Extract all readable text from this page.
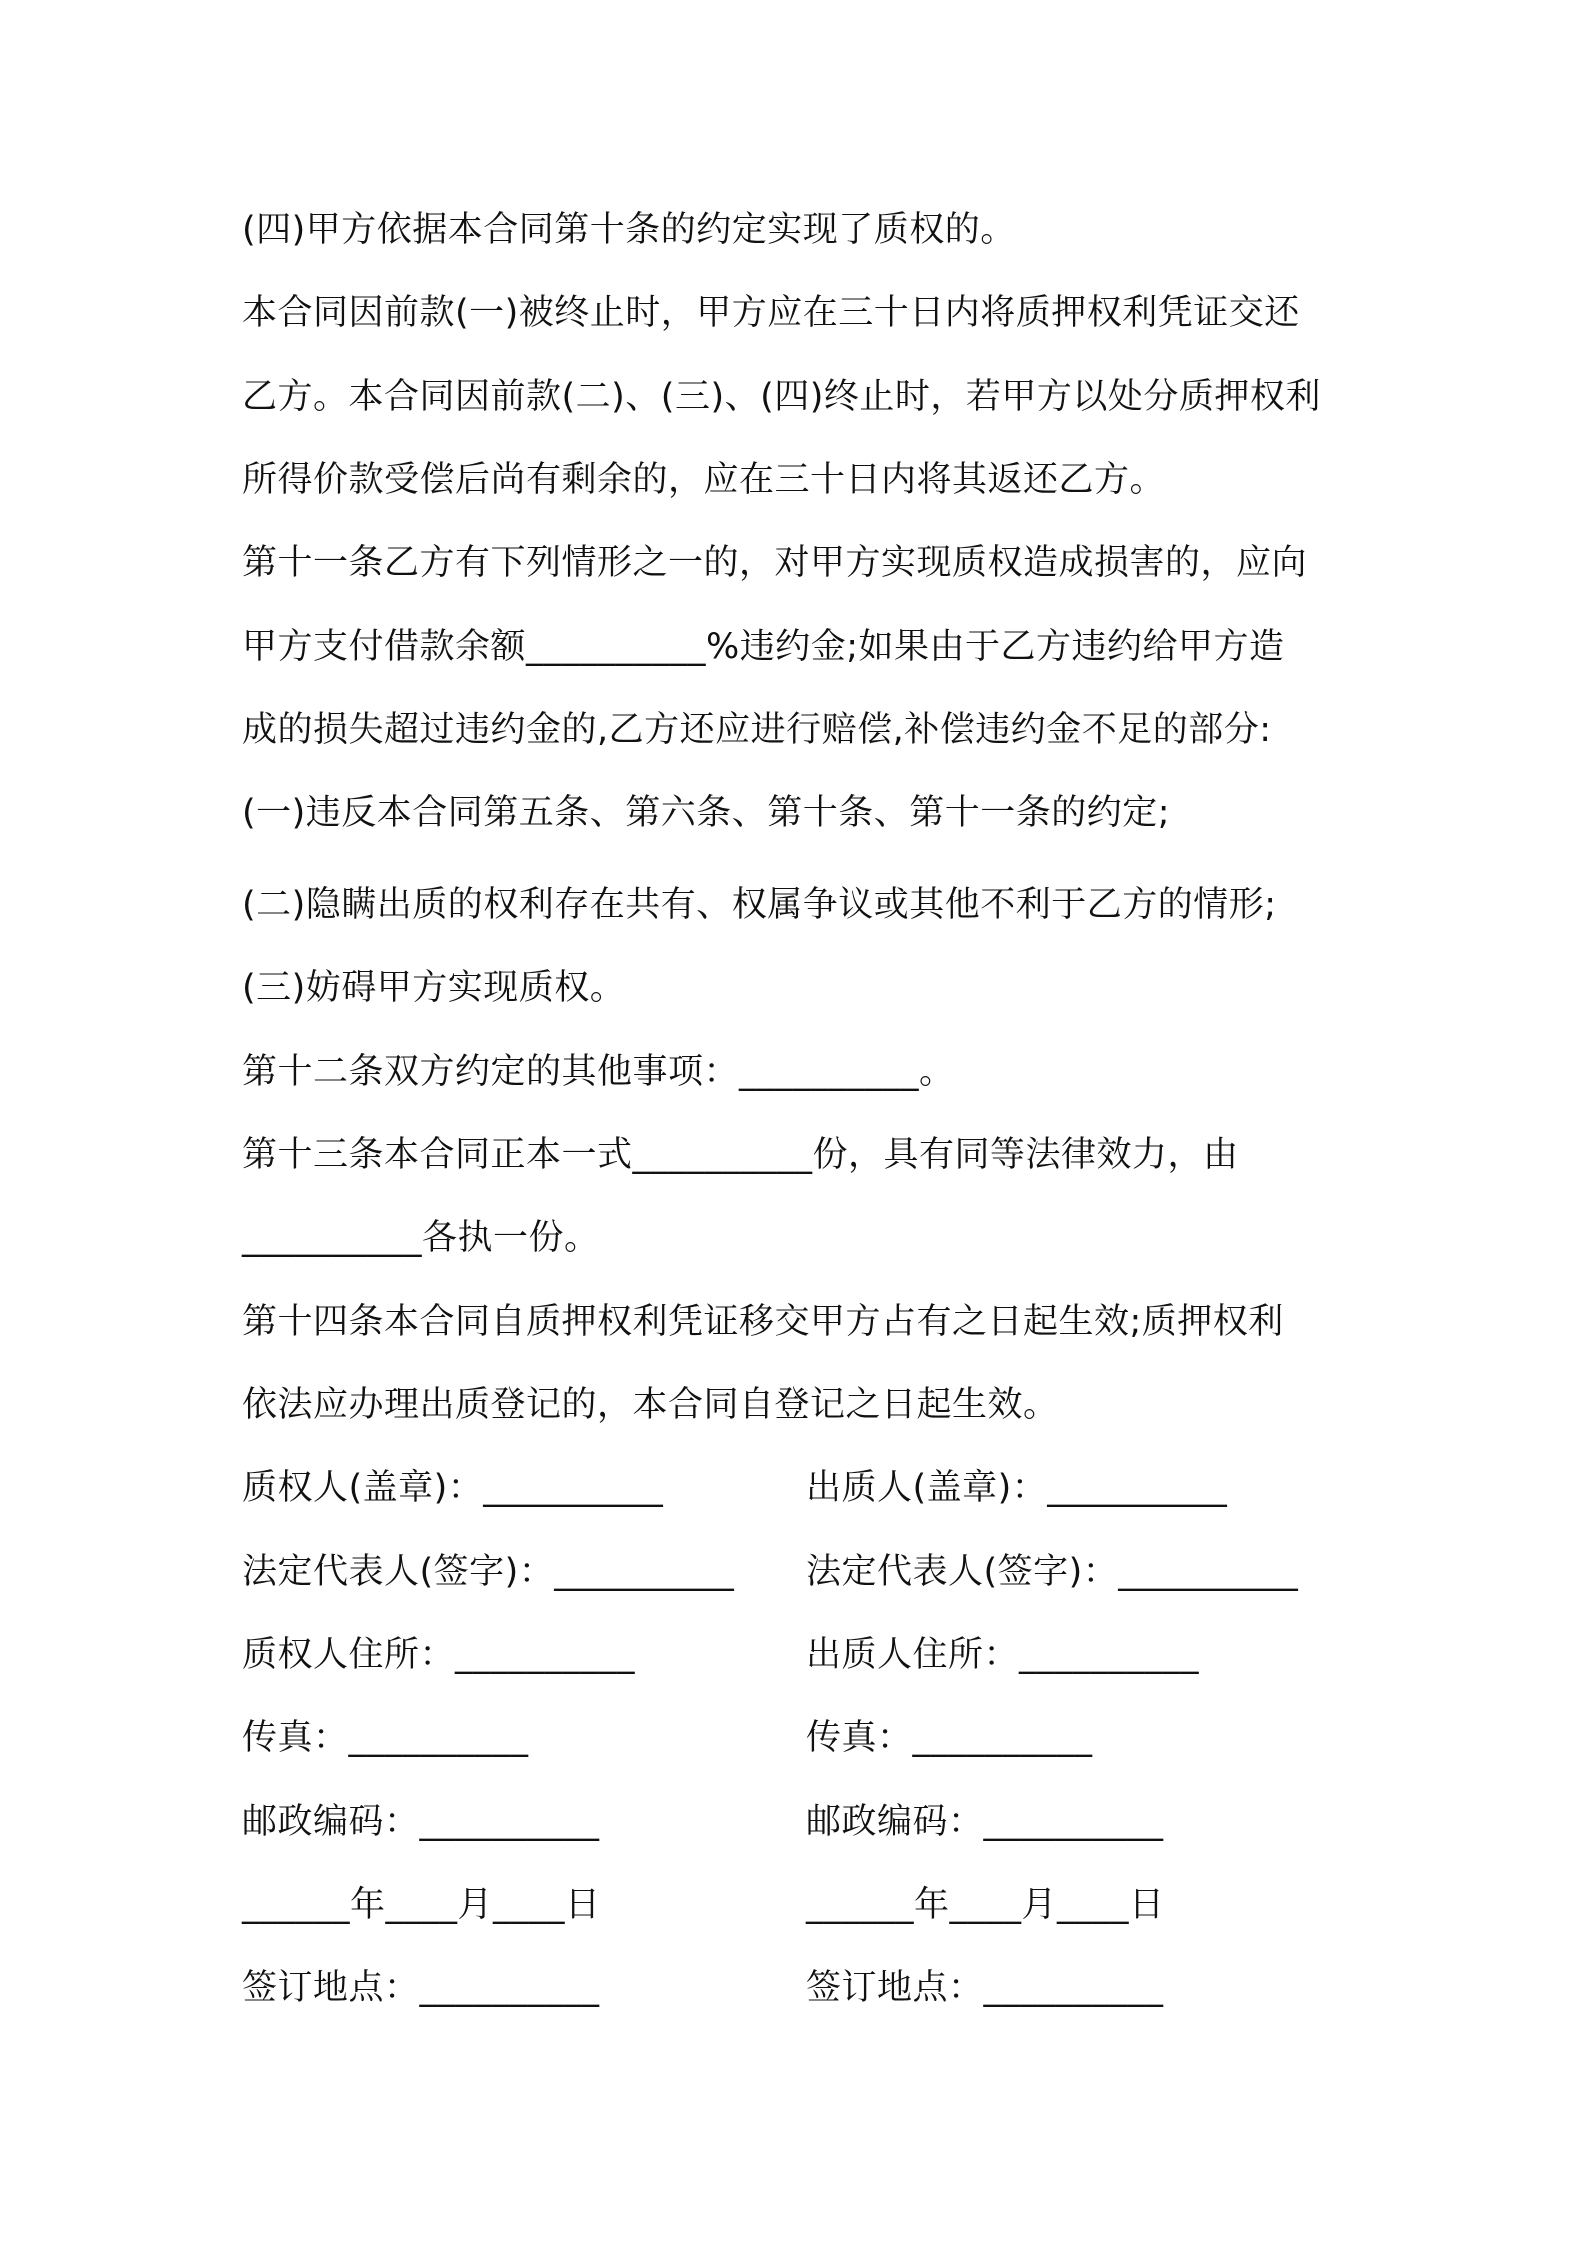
(四)甲方依据本合同第十条的约定实现了质权的。
本合同因前款(一)被终止时，甲方应在三十日内将质押权利凭证交还
乙方。本合同因前款(二)、(三)、(四)终止时，若甲方以处分质押权利
所得价款受偿后尚有剩余的，应在三十日内将其返还乙方。
第十一条乙方有下列情形之一的，对甲方实现质权造成损害的，应向
甲方支付借款余额__________%违约金;如果由于乙方违约给甲方造
成的损失超过违约金的,乙方还应进行赔偿,补偿违约金不足的部分:
(一)违反本合同第五条、第六条、第十条、第十一条的约定;
(二)隐瞒出质的权利存在共有、权属争议或其他不利于乙方的情形;
(三)妨碍甲方实现质权。
第十二条双方约定的其他事项：__________。
第十三条本合同正本一式__________份，具有同等法律效力，由
__________各执一份。
第十四条本合同自质押权利凭证移交甲方占有之日起生效;质押权利
依法应办理出质登记的，本合同自登记之日起生效。
质权人(盖章)：__________
法定代表人(签字)：__________
质权人住所：__________
传真：__________
邮政编码：__________
______年____月____日
签订地点：__________
出质人(盖章)：__________
法定代表人(签字)：__________
出质人住所：__________
传真：__________
邮政编码：__________
______年____月____日
签订地点：__________
